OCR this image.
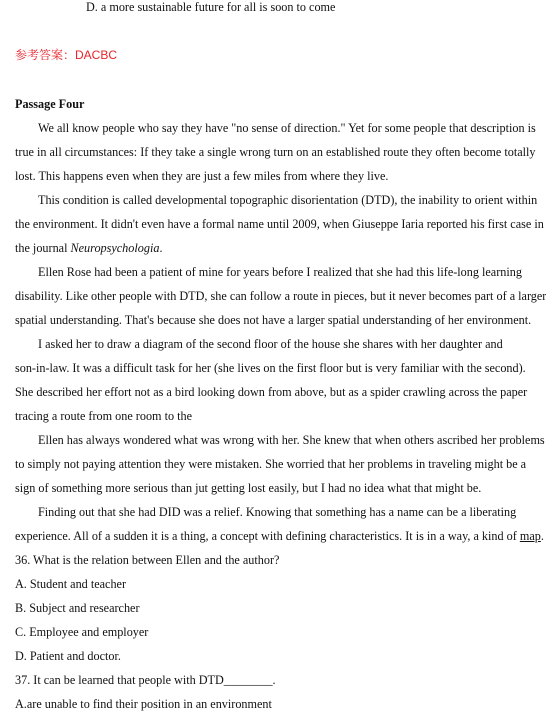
D. a more sustainable future for all is soon to come
参考答案：DACBC
Passage Four
We all know people who say they have "no sense of direction." Yet for some people that description is
true in all circumstances: If they take a single wrong turn on an established route they often become totally
lost. This happens even when they are just a few miles from where they live.
This condition is called developmental topographic disorientation (DTD), the inability to orient within
the environment. It didn't even have a formal name until 2009, when Giuseppe Iaria reported his first case in
the journal Neuropsychologia.
Ellen Rose had been a patient of mine for years before I realized that she had this life-long learning
disability. Like other people with DTD, she can follow a route in pieces, but it never becomes part of a larger
spatial understanding. That's because she does not have a larger spatial understanding of her environment.
I asked her to draw a diagram of the second floor of the house she shares with her daughter and
son-in-law. It was a difficult task for her (she lives on the first floor but is very familiar with the second).
She described her effort not as a bird looking down from above, but as a spider crawling across the paper
tracing a route from one room to the
Ellen has always wondered what was wrong with her. She knew that when others ascribed her problems
to simply not paying attention they were mistaken. She worried that her problems in traveling might be a
sign of something more serious than jut getting lost easily, but I had no idea what that might be.
Finding out that she had DID was a relief. Knowing that something has a name can be a liberating
experience. All of a sudden it is a thing, a concept with defining characteristics. It is in a way, a kind of map.
36. What is the relation between Ellen and the author?
A. Student and teacher
B. Subject and researcher
C. Employee and employer
D. Patient and doctor.
37. It can be learned that people with DTD________.
A.are unable to find their position in an environment
